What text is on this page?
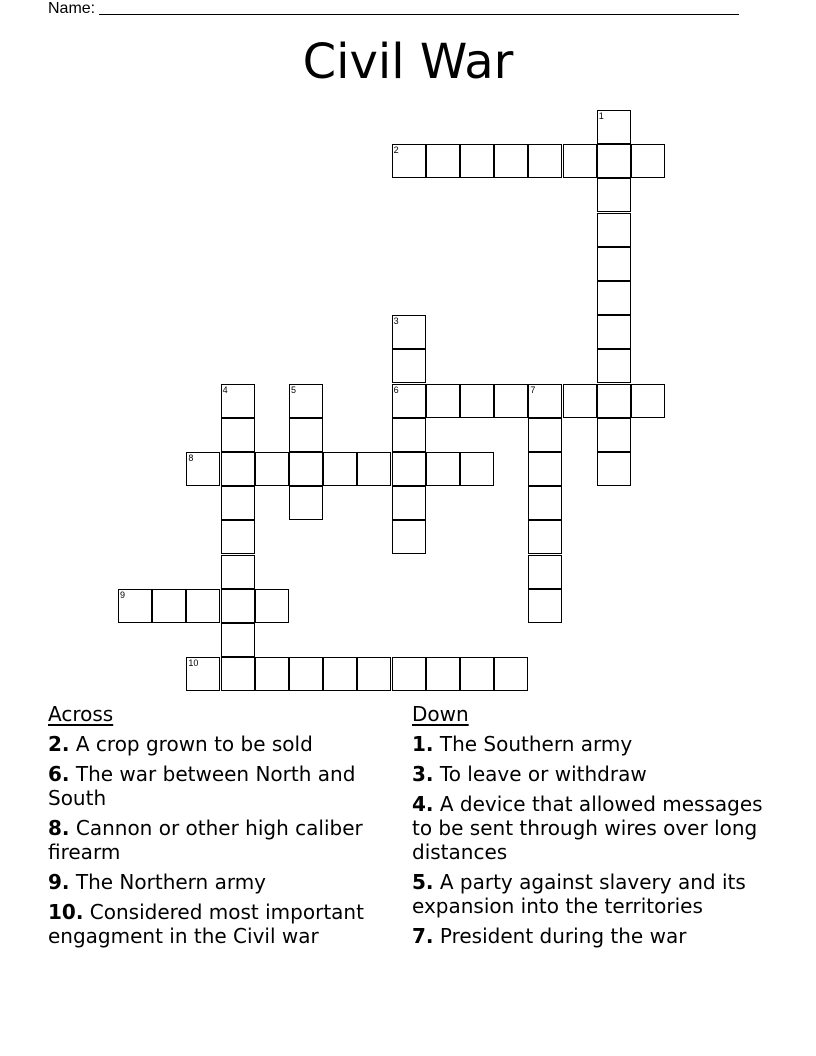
Name:
Civil War
1
2
3
6
4	5	7
8
9
10
Across
2. A crop grown to be sold
6. The war between North and South
8. Cannon or other high caliber firearm
9. The Northern army
10. Considered most important engagment in the Civil war
Down
1. The Southern army
3. To leave or withdraw
4. A device that allowed messages to be sent through wires over long distances
5. A party against slavery and its expansion into the territories
7. President during the war
